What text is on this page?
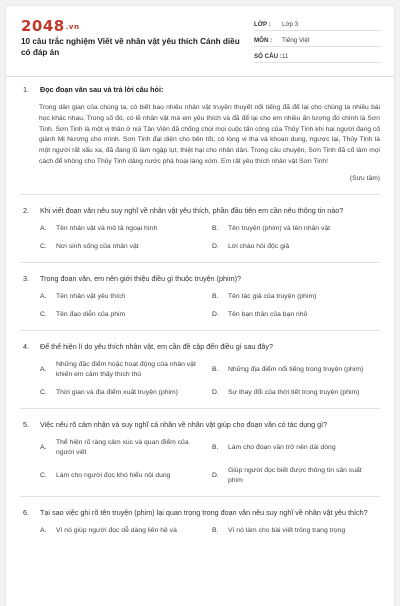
2048.vn
10 câu trắc nghiệm Viết về nhân vật yêu thích Cánh diều có đáp án
LỚP :	Lớp 3
MÔN :	Tiếng Việt
SỐ CÂU : 11
1. Đọc đoạn văn sau và trả lời câu hỏi:
Trong dân gian của chúng ta, có biết bao nhiêu nhân vật truyền thuyết nổi tiếng đã để lại cho chúng ta nhiều bài học khác nhau. Trong số đó, có lẽ nhân vật mà em yêu thích và đã để lại cho em nhiều ấn tượng đó chính là Sơn Tinh. Sơn Tinh là một vị thần ở núi Tản Viên đã chống chọi mọi cuộc tấn công của Thủy Tinh khi hai người đang cố giành Mị Nương cho mình. Sơn Tinh đại diện cho bên tốt, có lòng vị tha và khoan dung, ngược lại, Thủy Tinh là một người rất xấu xa, đã đang lũ làm ngập lụt, thiệt hại cho nhân dân. Trong câu chuyện, Sơn Tinh đã cố làm mọi cách để không cho Thủy Tinh dâng nước phá hoại làng xóm. Em rất yêu thích nhân vật Sơn Tinh!
(Sưu tầm)
2. Khi viết đoạn văn nêu suy nghĩ về nhân vật yêu thích, phần đầu tiên em cần nêu thông tin nào?
A.	Tên nhân vật và mô tả ngoại hình	B.	Tên truyện (phim) và tên nhân vật
C.	Nơi sinh sống của nhân vật	D.	Lời chào hỏi độc giả
3. Trong đoạn văn, em nên giới thiệu điều gì thuộc truyện (phim)?
A.	Tên nhân vật yêu thích	B.	Tên tác giả của truyện (phim)
C.	Tên đạo diễn của phim	D.	Tên bạn thân của bạn nhỏ
4. Để thể hiện lí do yêu thích nhân vật, em cần đề cập đến điều gì sau đây?
A.
Những đặc điểm hoặc hoạt động của nhân vật khiến em cảm thấy thích thú
B.	Những địa điểm nổi tiếng trong truyện (phim)
C.	Thời gian và địa điểm xuất truyện (phim)	D.	Sự thay đổi của thời tiết trong truyện (phim)
5. Việc nêu rõ cảm nhận và suy nghĩ cá nhân về nhân vật giúp cho đoạn văn có tác dụng gì?
A.
Thể hiện rõ ràng cảm xúc và quan điểm của người viết
B.	Làm cho đoạn văn trở nên dài dòng
C.	Làm cho người đọc khó hiểu nội dung	D.
Giúp người đọc biết được thông tin sản xuất phim
6. Tại sao việc ghi rõ tên truyện (phim) lại quan trọng trong đoạn văn nêu suy nghĩ về nhân vật yêu thích?
A.	Vì nó giúp người đọc dễ dàng liên hệ và	B.	Vì nó làm cho bài viết trông trang trọng
